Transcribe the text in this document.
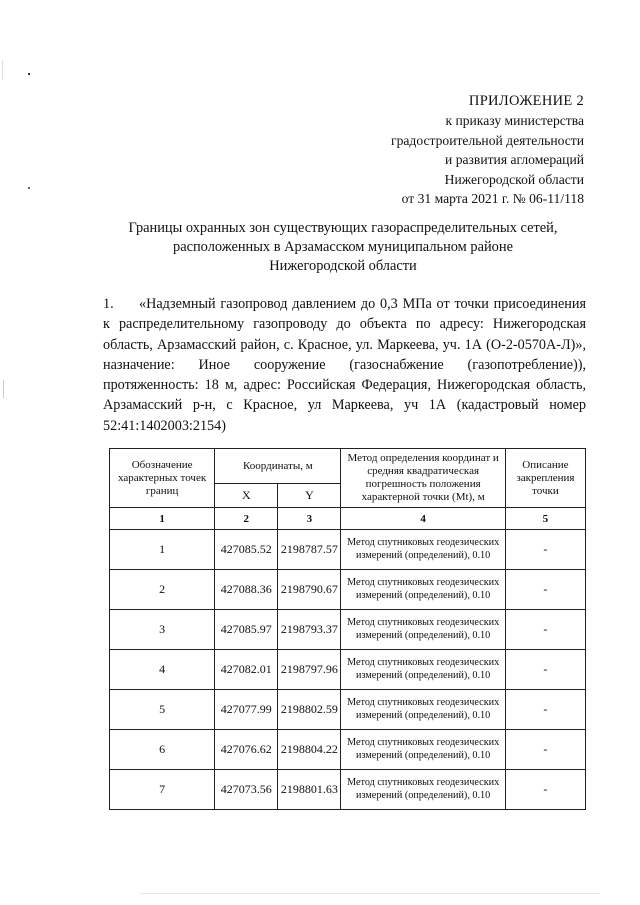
ПРИЛОЖЕНИЕ 2
к приказу министерства
градостроительной деятельности
и развития агломераций
Нижегородской области
от 31 марта 2021 г. № 06-11/118
Границы охранных зон существующих газораспределительных сетей,
расположенных в Арзамасском муниципальном районе
Нижегородской области
1. «Надземный газопровод давлением до 0,3 МПа от точки присоединения к распределительному газопроводу до объекта по адресу: Нижегородская область, Арзамасский район, с. Красное, ул. Маркеева, уч. 1А (О-2-0570А-Л)», назначение: Иное сооружение (газоснабжение (газопотребление)), протяженность: 18 м, адрес: Российская Федерация, Нижегородская область, Арзамасский р-н, с Красное, ул Маркеева, уч 1А (кадастровый номер 52:41:1402003:2154)
Обозначение характерных точек границ	Координаты, м		Метод определения координат и средняя квадратическая погрешность положения характерной точки (Mt), м	Описание закрепления точки
	X	Y		
1	2	3	4	5
1	427085.52	2198787.57	Метод спутниковых геодезических измерений (определений), 0.10	-
2	427088.36	2198790.67	Метод спутниковых геодезических измерений (определений), 0.10	-
3	427085.97	2198793.37	Метод спутниковых геодезических измерений (определений), 0.10	-
4	427082.01	2198797.96	Метод спутниковых геодезических измерений (определений), 0.10	-
5	427077.99	2198802.59	Метод спутниковых геодезических измерений (определений), 0.10	-
6	427076.62	2198804.22	Метод спутниковых геодезических измерений (определений), 0.10	-
7	427073.56	2198801.63	Метод спутниковых геодезических измерений (определений), 0.10	-
